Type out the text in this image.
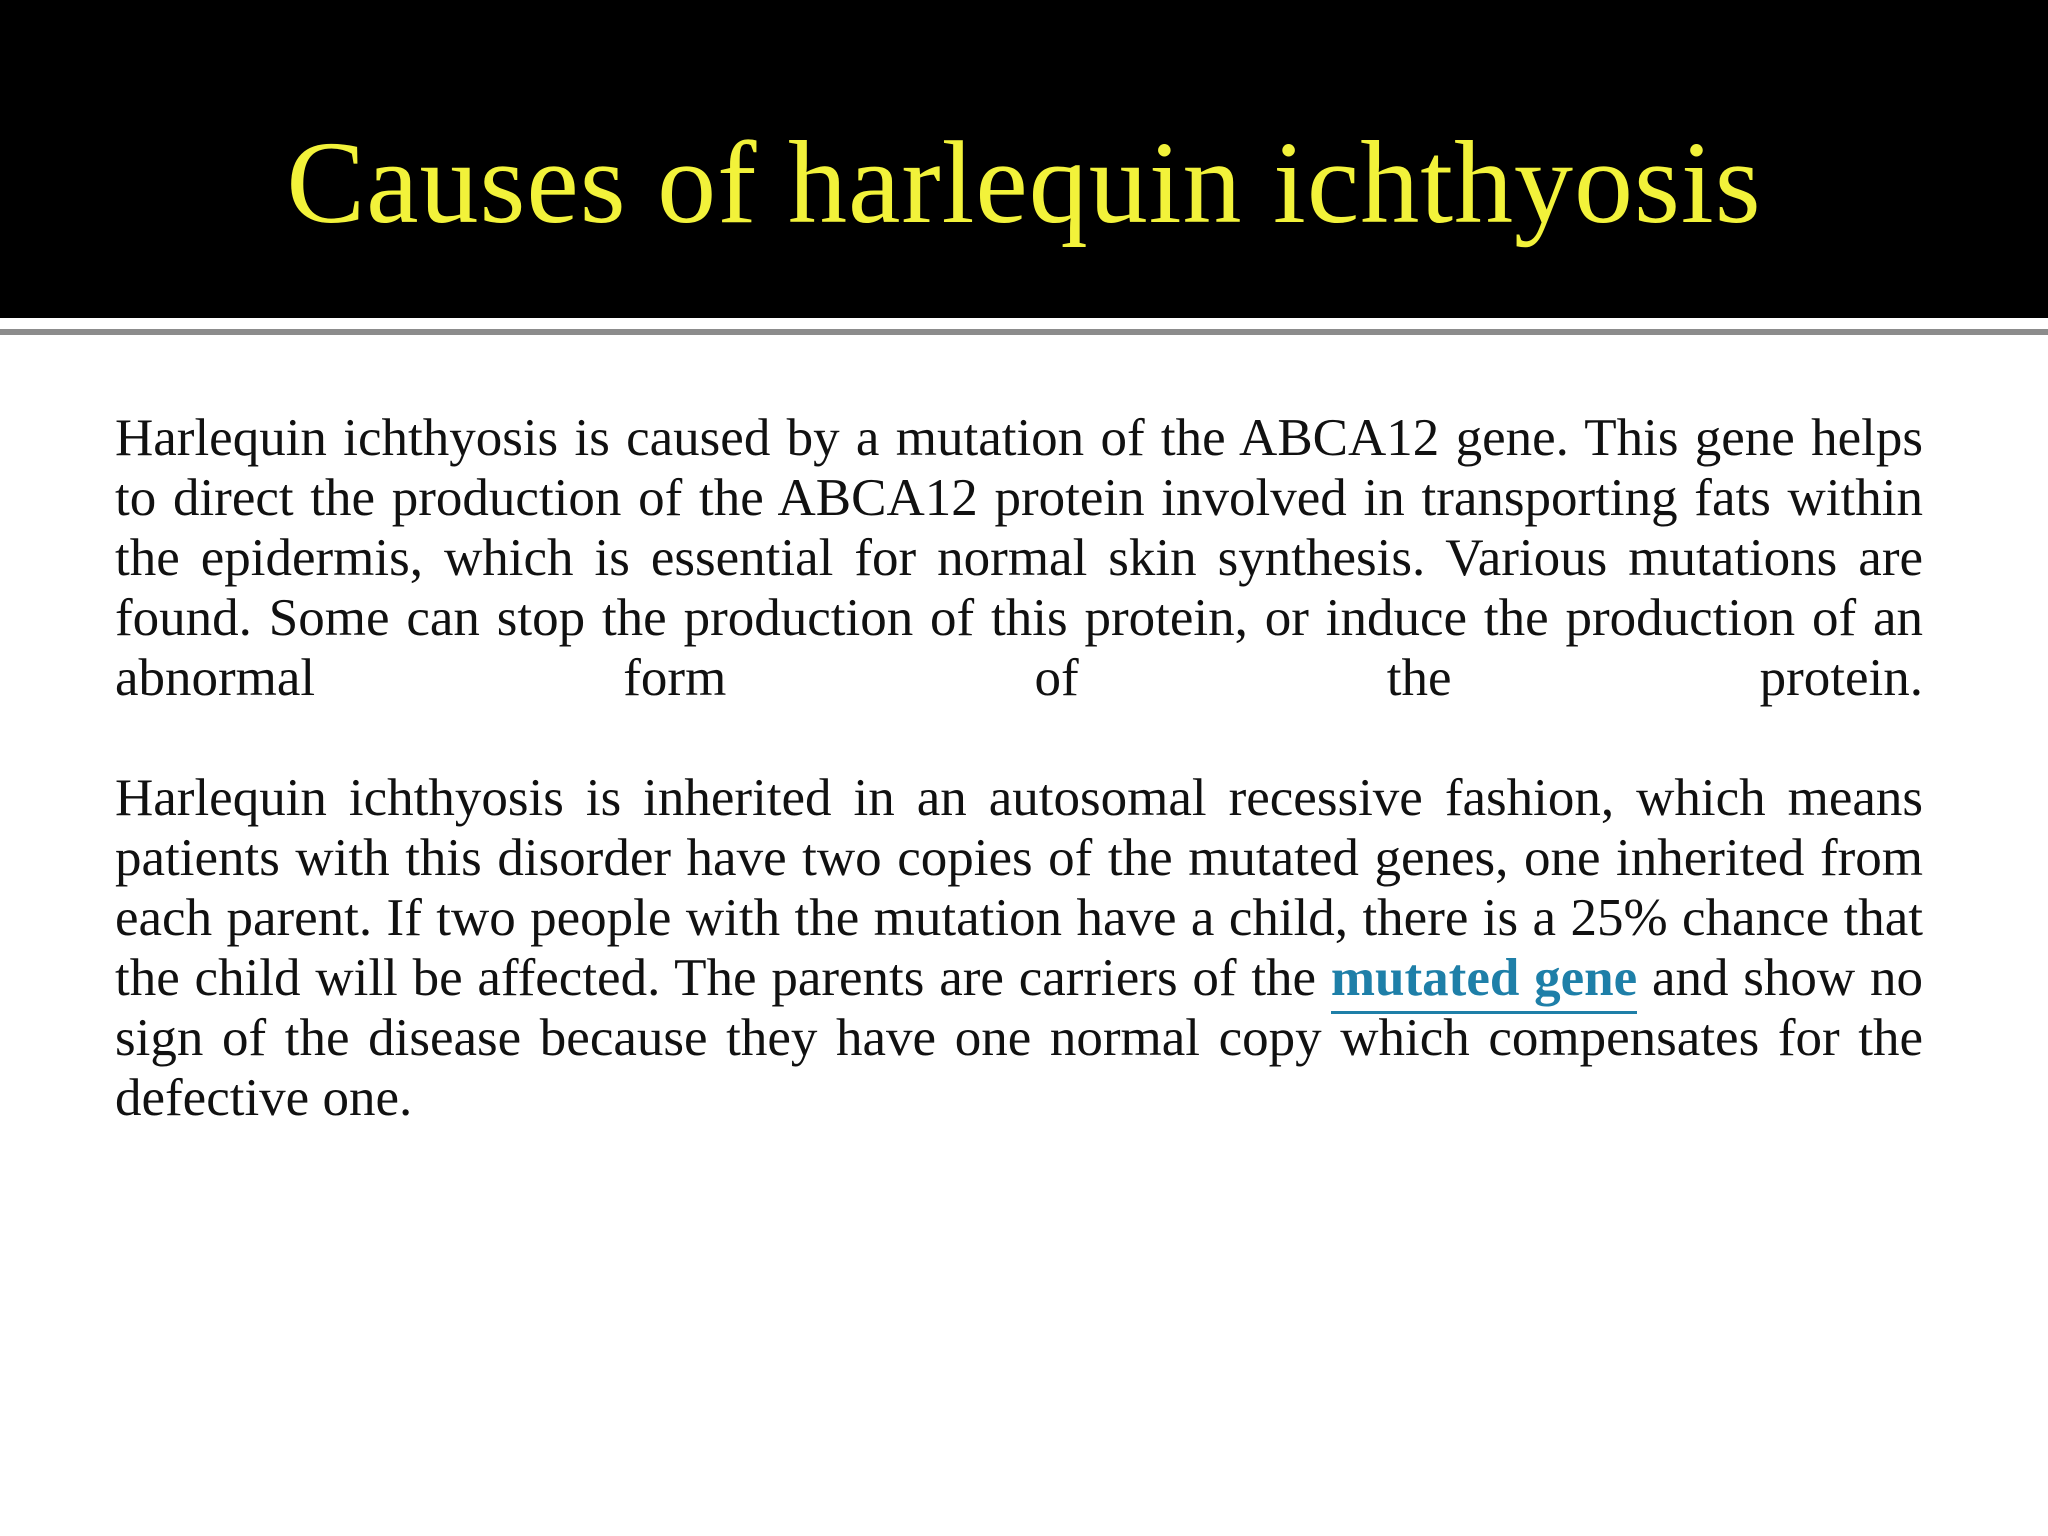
Causes of harlequin ichthyosis

Harlequin ichthyosis is caused by a mutation of the ABCA12 gene. This gene helps to direct the production of the ABCA12 protein involved in transporting fats within the epidermis, which is essential for normal skin synthesis. Various mutations are found. Some can stop the production of this protein, or induce the production of an abnormal form of the protein.

Harlequin ichthyosis is inherited in an autosomal recessive fashion, which means patients with this disorder have two copies of the mutated genes, one inherited from each parent. If two people with the mutation have a child, there is a 25% chance that the child will be affected. The parents are carriers of the mutated gene and show no sign of the disease because they have one normal copy which compensates for the defective one.
